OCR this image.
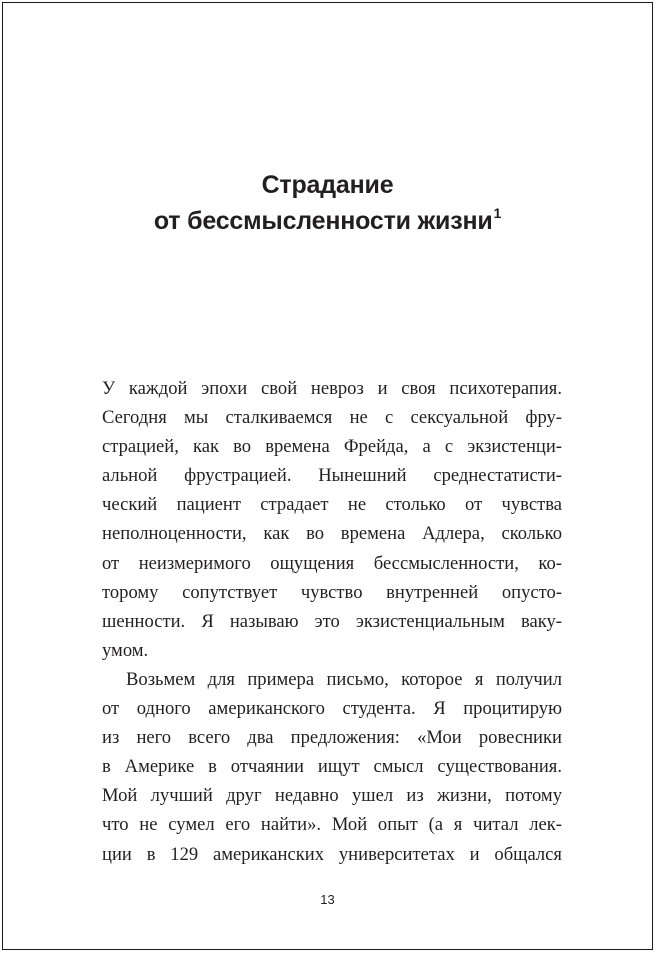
Страдание
от бессмысленности жизни$^1$
У каждой эпохи свой невроз и своя психотерапия.
Сегодня мы сталкиваемся не с сексуальной фру-
страцией, как во времена Фрейда, а с экзистенци-
альной фрустрацией. Нынешний среднестатисти-
ческий пациент страдает не столько от чувства
неполноценности, как во времена Адлера, сколько
от неизмеримого ощущения бессмысленности, ко-
торому сопутствует чувство внутренней опусто-
шенности. Я называю это экзистенциальным ваку-
умом.
Возьмем для примера письмо, которое я получил
от одного американского студента. Я процитирую
из него всего два предложения: «Мои ровесники
в Америке в отчаянии ищут смысл существования.
Мой лучший друг недавно ушел из жизни, потому
что не сумел его найти». Мой опыт (а я читал лек-
ции в 129 американских университетах и общался
13
